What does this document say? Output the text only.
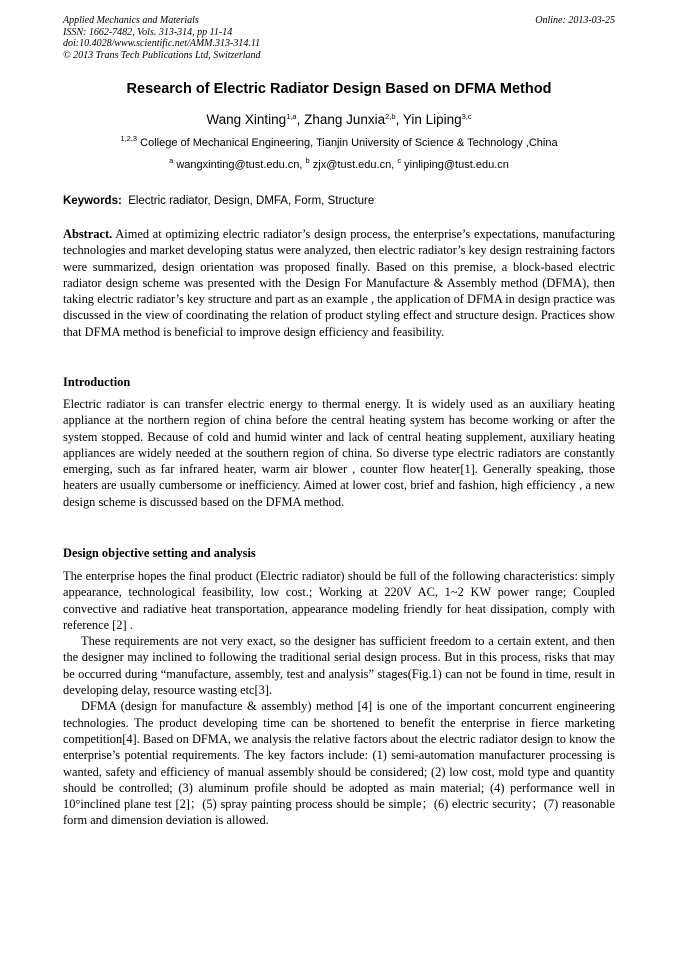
Applied Mechanics and Materials
ISSN: 1662-7482, Vols. 313-314, pp 11-14
doi:10.4028/www.scientific.net/AMM.313-314.11
© 2013 Trans Tech Publications Ltd, Switzerland
Online: 2013-03-25
Research of Electric Radiator Design Based on DFMA Method
Wang Xinting$^{1,a}$, Zhang Junxia$^{2,b}$, Yin Liping$^{3,c}$
$^{1,2,3}$ College of Mechanical Engineering, Tianjin University of Science & Technology ,China
$^a$ wangxinting@tust.edu.cn, $^b$ zjx@tust.edu.cn, $^c$ yinliping@tust.edu.cn
Keywords: Electric radiator, Design, DMFA, Form, Structure
Abstract. Aimed at optimizing electric radiator’s design process, the enterprise’s expectations, manufacturing technologies and market developing status were analyzed, then electric radiator’s key design restraining factors were summarized, design orientation was proposed finally. Based on this premise, a block-based electric radiator design scheme was presented with the Design For Manufacture & Assembly method (DFMA), then taking electric radiator’s key structure and part as an example , the application of DFMA in design practice was discussed in the view of coordinating the relation of product styling effect and structure design. Practices show that DFMA method is beneficial to improve design efficiency and feasibility.
Introduction
Electric radiator is can transfer electric energy to thermal energy. It is widely used as an auxiliary heating appliance at the northern region of china before the central heating system has become working or after the system stopped. Because of cold and humid winter and lack of central heating supplement, auxiliary heating appliances are widely needed at the southern region of china. So diverse type electric radiators are constantly emerging, such as far infrared heater, warm air blower , counter flow heater[1]. Generally speaking, those heaters are usually cumbersome or inefficiency. Aimed at lower cost, brief and fashion, high efficiency , a new design scheme is discussed based on the DFMA method.
Design objective setting and analysis

The enterprise hopes the final product (Electric radiator) should be full of the following characteristics: simply appearance, technological feasibility, low cost.; Working at 220V AC, 1~2 KW power range; Coupled convective and radiative heat transportation, appearance modeling friendly for heat dissipation, comply with reference [2] .

These requirements are not very exact, so the designer has sufficient freedom to a certain extent, and then the designer may inclined to following the traditional serial design process. But in this process, risks that may be occurred during “manufacture, assembly, test and analysis” stages(Fig.1) can not be found in time, result in developing delay, resource wasting etc[3].

DFMA (design for manufacture & assembly) method [4] is one of the important concurrent engineering technologies. The product developing time can be shortened to benefit the enterprise in fierce marketing competition[4]. Based on DFMA, we analysis the relative factors about the electric radiator design to know the enterprise’s potential requirements. The key factors include: (1) semi-automation manufacturer processing is wanted, safety and efficiency of manual assembly should be considered; (2) low cost, mold type and quantity should be controlled; (3) aluminum profile should be adopted as main material; (4) performance well in 10°inclined plane test [2]；(5) spray painting process should be simple；(6) electric security；(7) reasonable form and dimension deviation is allowed.
